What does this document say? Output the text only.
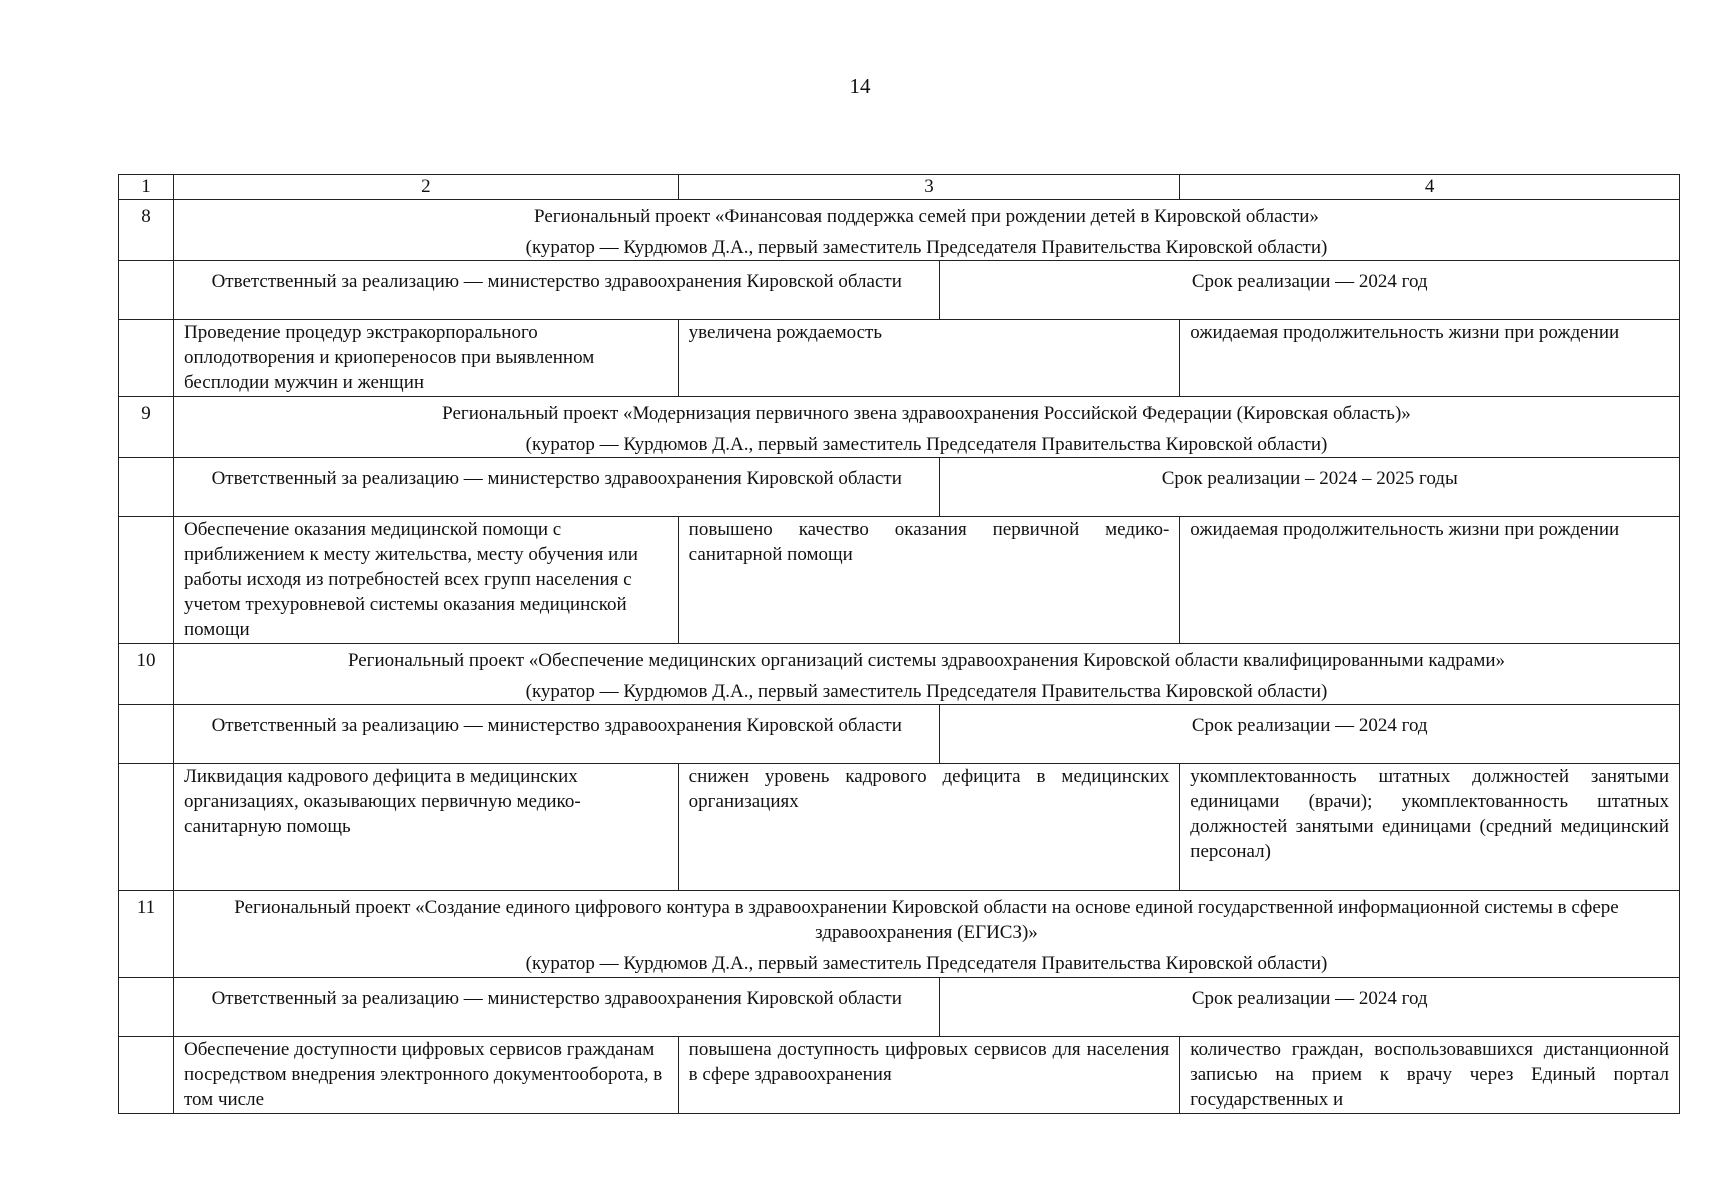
14
1	2	3		4
8	Региональный проект «Финансовая поддержка семей при рождении детей в Кировской области»
(куратор — Курдюмов Д.А., первый заместитель Председателя Правительства Кировской области)			

	Ответственный за реализацию — министерство здравоохранения Кировской области		Срок реализации — 2024 год	
	Проведение процедур экстракорпорального оплодотворения и криопереносов при выявленном бесплодии мужчин и женщин	увеличена рождаемость		ожидаемая продолжительность жизни при рождении
9	Региональный проект «Модернизация первичного звена здравоохранения Российской Федерации (Кировская область)»
(куратор — Курдюмов Д.А., первый заместитель Председателя Правительства Кировской области)			

	Ответственный за реализацию — министерство здравоохранения Кировской области		Срок реализации – 2024 – 2025 годы	
	Обеспечение оказания медицинской помощи с приближением к месту жительства, месту обучения или работы исходя из потребностей всех групп населения с учетом трехуровневой системы оказания медицинской помощи	повышено качество оказания первичной медико-санитарной помощи		ожидаемая продолжительность жизни при рождении
10	Региональный проект «Обеспечение медицинских организаций системы здравоохранения Кировской области квалифицированными кадрами»
(куратор — Курдюмов Д.А., первый заместитель Председателя Правительства Кировской области)			

	Ответственный за реализацию — министерство здравоохранения Кировской области		Срок реализации — 2024 год	
	Ликвидация кадрового дефицита в медицинских организациях, оказывающих первичную медико-санитарную помощь	снижен уровень кадрового дефицита в медицинских организациях		укомплектованность штатных должностей занятыми единицами (врачи); укомплектованность штатных должностей занятыми единицами (средний медицинский персонал)
11	Региональный проект «Создание единого цифрового контура в здравоохранении Кировской области на основе единой государственной информационной системы в сфере здравоохранения (ЕГИСЗ)»
(куратор — Курдюмов Д.А., первый заместитель Председателя Правительства Кировской области)			

	Ответственный за реализацию — министерство здравоохранения Кировской области		Срок реализации — 2024 год	
	Обеспечение доступности цифровых сервисов гражданам посредством внедрения электронного документооборота, в том числе	повышена доступность цифровых сервисов для населения в сфере здравоохранения		количество граждан, воспользовавшихся дистанционной записью на прием к врачу через Единый портал государственных и
